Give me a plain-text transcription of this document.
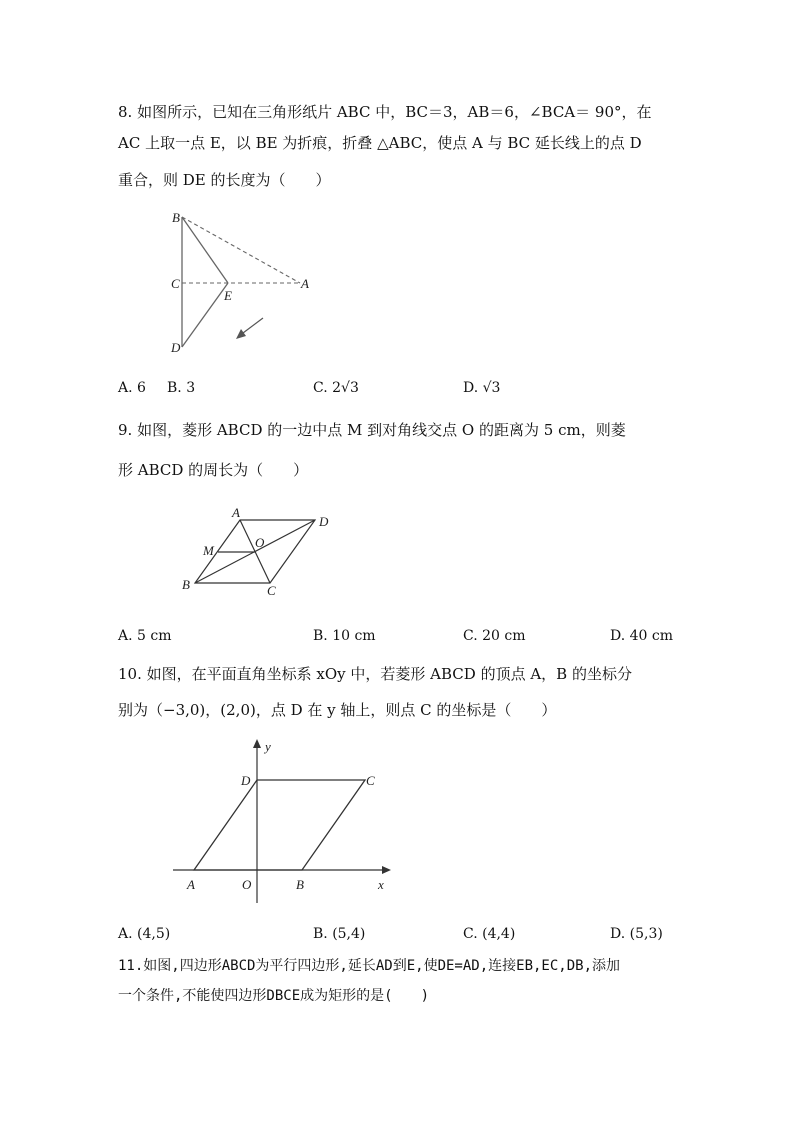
8. 如图所示，已知在三角形纸片 ABC 中，BC＝3，AB＝6，∠BCA＝ 90°，在
AC 上取一点 E，以 BE 为折痕，折叠 △ABC，使点 A 与 BC 延长线上的点 D
重合，则 DE 的长度为（　　）
B
C
E
A
D
A. 6 B. 3	C. 2√3	D. √3
9. 如图，菱形 ABCD 的一边中点 M 到对角线交点 O 的距离为 5 cm，则菱
形 ABCD 的周长为（　　）
A
D
M
O
B	C
A. 5 cm	B. 10 cm	C. 20 cm	D. 40 cm
10. 如图，在平面直角坐标系 xOy 中，若菱形 ABCD 的顶点 A，B 的坐标分
别为（−3,0)，(2,0)，点 D 在 y 轴上，则点 C 的坐标是（　　）
y
D	C
A	O	B	x
A. (4,5)	B. (5,4)	C. (4,4)	D. (5,3)
11.如图,四边形ABCD为平行四边形,延长AD到E,使DE=AD,连接EB,EC,DB,添加
一个条件,不能使四边形DBCE成为矩形的是(　　)
